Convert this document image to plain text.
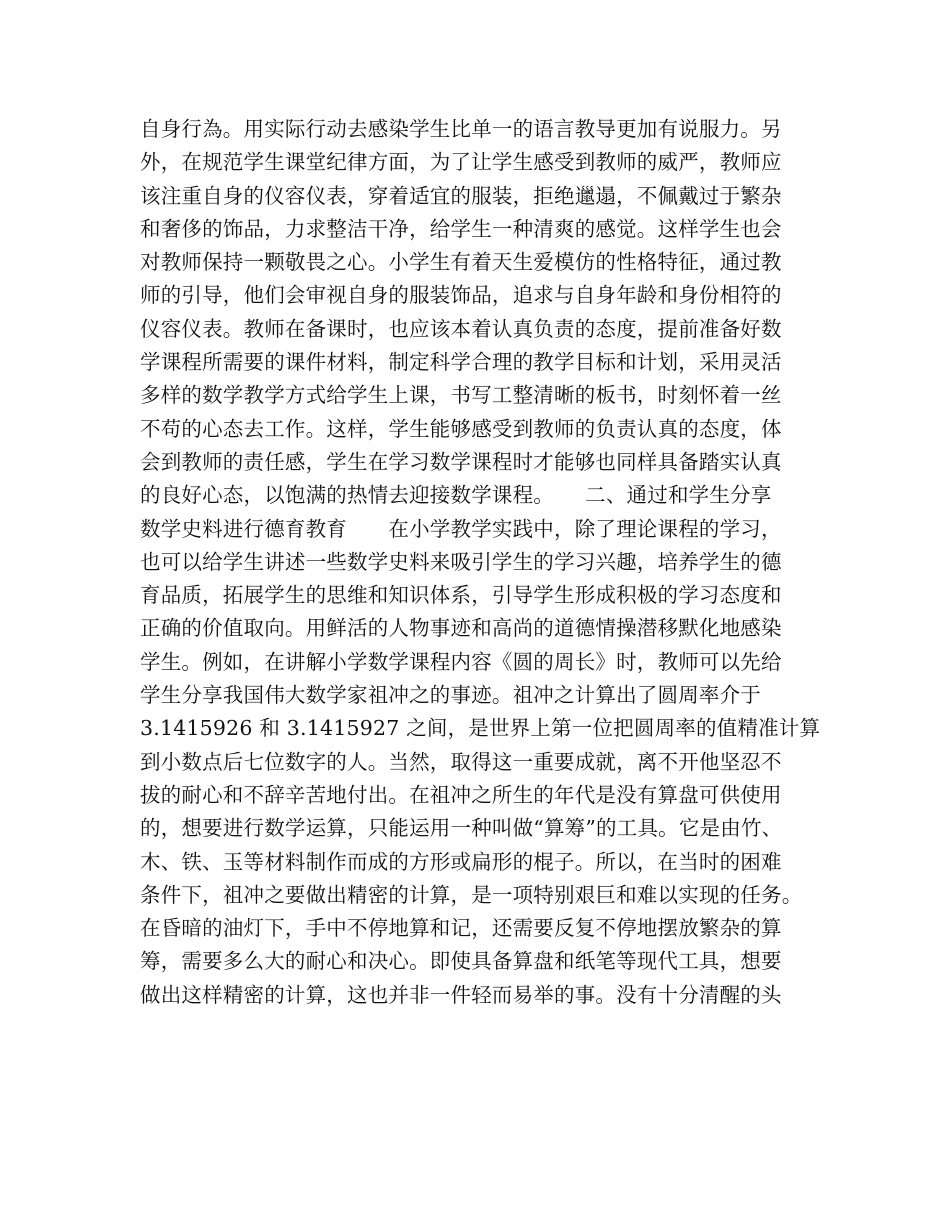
自身行為。用实际行动去感染学生比单一的语言教导更加有说服力。另
外，在规范学生课堂纪律方面，为了让学生感受到教师的威严，教师应
该注重自身的仪容仪表，穿着适宜的服装，拒绝邋遢，不佩戴过于繁杂
和奢侈的饰品，力求整洁干净，给学生一种清爽的感觉。这样学生也会
对教师保持一颗敬畏之心。小学生有着天生爱模仿的性格特征，通过教
师的引导，他们会审视自身的服装饰品，追求与自身年龄和身份相符的
仪容仪表。教师在备课时，也应该本着认真负责的态度，提前准备好数
学课程所需要的课件材料，制定科学合理的教学目标和计划，采用灵活
多样的数学教学方式给学生上课，书写工整清晰的板书，时刻怀着一丝
不苟的心态去工作。这样，学生能够感受到教师的负责认真的态度，体
会到教师的责任感，学生在学习数学课程时才能够也同样具备踏实认真
的良好心态，以饱满的热情去迎接数学课程。　　二、通过和学生分享
数学史料进行德育教育　　在小学教学实践中，除了理论课程的学习，
也可以给学生讲述一些数学史料来吸引学生的学习兴趣，培养学生的德
育品质，拓展学生的思维和知识体系，引导学生形成积极的学习态度和
正确的价值取向。用鲜活的人物事迹和高尚的道德情操潜移默化地感染
学生。例如，在讲解小学数学课程内容《圆的周长》时，教师可以先给
学生分享我国伟大数学家祖冲之的事迹。祖冲之计算出了圆周率介于
3.1415926 和 3.1415927 之间，是世界上第一位把圆周率的值精准计算
到小数点后七位数字的人。当然，取得这一重要成就，离不开他坚忍不
拔的耐心和不辞辛苦地付出。在祖冲之所生的年代是没有算盘可供使用
的，想要进行数学运算，只能运用一种叫做“算筹”的工具。它是由竹、
木、铁、玉等材料制作而成的方形或扁形的棍子。所以，在当时的困难
条件下，祖冲之要做出精密的计算，是一项特别艰巨和难以实现的任务。
在昏暗的油灯下，手中不停地算和记，还需要反复不停地摆放繁杂的算
筹，需要多么大的耐心和决心。即使具备算盘和纸笔等现代工具，想要
做出这样精密的计算，这也并非一件轻而易举的事。没有十分清醒的头
